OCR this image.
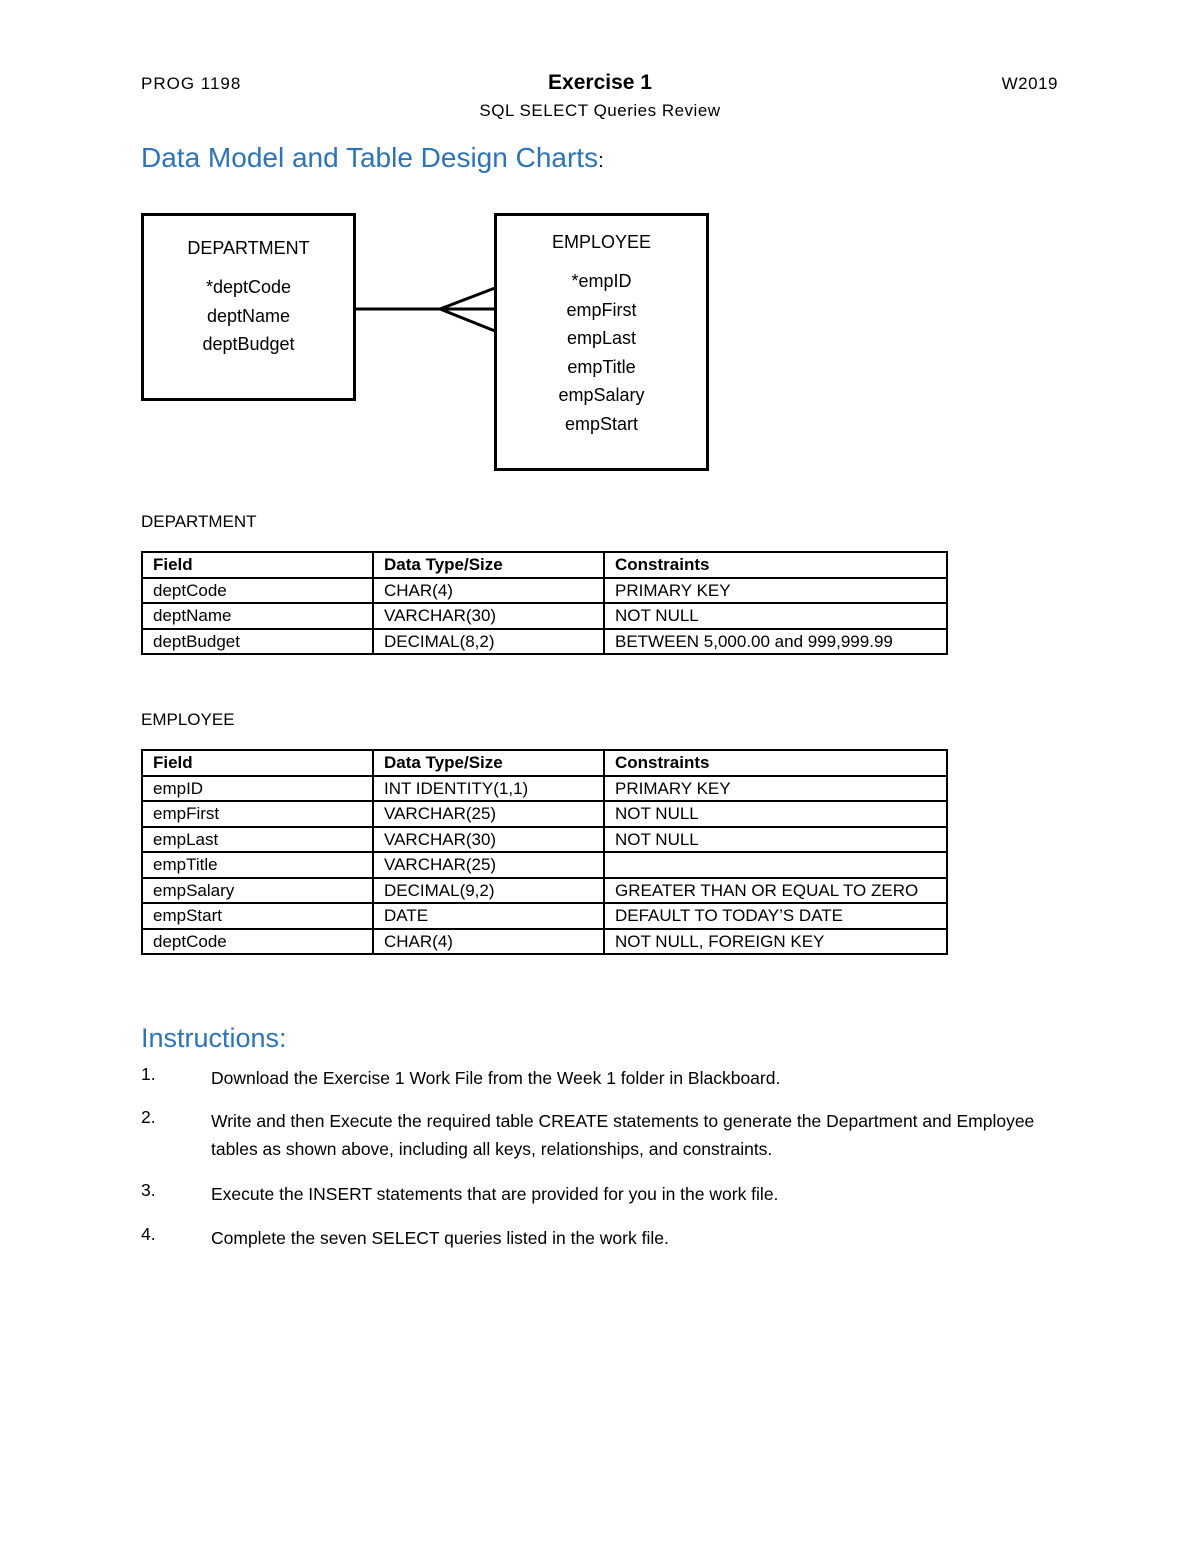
PROG 1198	Exercise 1	W2019
SQL SELECT Queries Review
Data Model and Table Design Charts:
DEPARTMENT
*deptCode
deptName
deptBudget
EMPLOYEE
*empID
empFirst
empLast
empTitle
empSalary
empStart
DEPARTMENT
Field	Data Type/Size	Constraints
deptCode	CHAR(4)	PRIMARY KEY
deptName	VARCHAR(30)	NOT NULL
deptBudget	DECIMAL(8,2)	BETWEEN 5,000.00 and 999,999.99
EMPLOYEE
Field	Data Type/Size	Constraints
empID	INT IDENTITY(1,1)	PRIMARY KEY
empFirst	VARCHAR(25)	NOT NULL
empLast	VARCHAR(30)	NOT NULL
empTitle	VARCHAR(25)	
empSalary	DECIMAL(9,2)	GREATER THAN OR EQUAL TO ZERO
empStart	DATE	DEFAULT TO TODAY’S DATE
deptCode	CHAR(4)	NOT NULL, FOREIGN KEY
Instructions:
1.	Download the Exercise 1 Work File from the Week 1 folder in Blackboard.
2.	Write and then Execute the required table CREATE statements to generate the Department and Employee tables as shown above, including all keys, relationships, and constraints.
3.	Execute the INSERT statements that are provided for you in the work file.
4.	Complete the seven SELECT queries listed in the work file.
